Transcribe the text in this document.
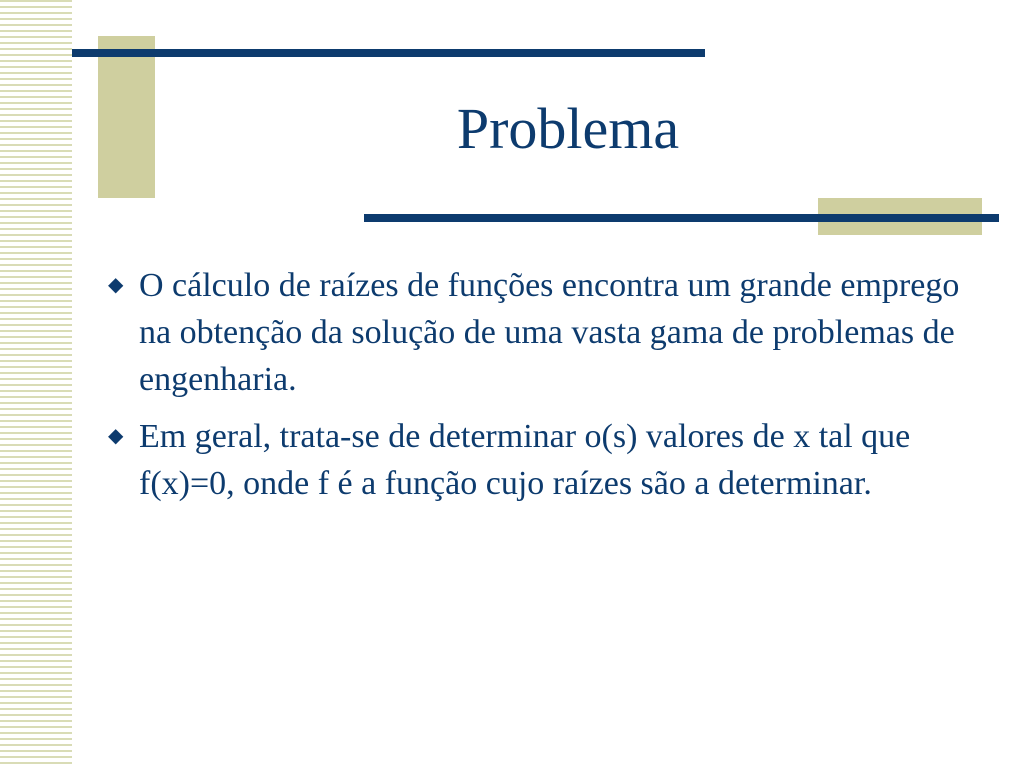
Problema
◆ O cálculo de raízes de funções encontra um grande emprego na obtenção da solução de uma vasta gama de problemas de engenharia.
◆ Em geral, trata-se de determinar o(s) valores de x tal que f(x)=0, onde f é a função cujo raízes são a determinar.
